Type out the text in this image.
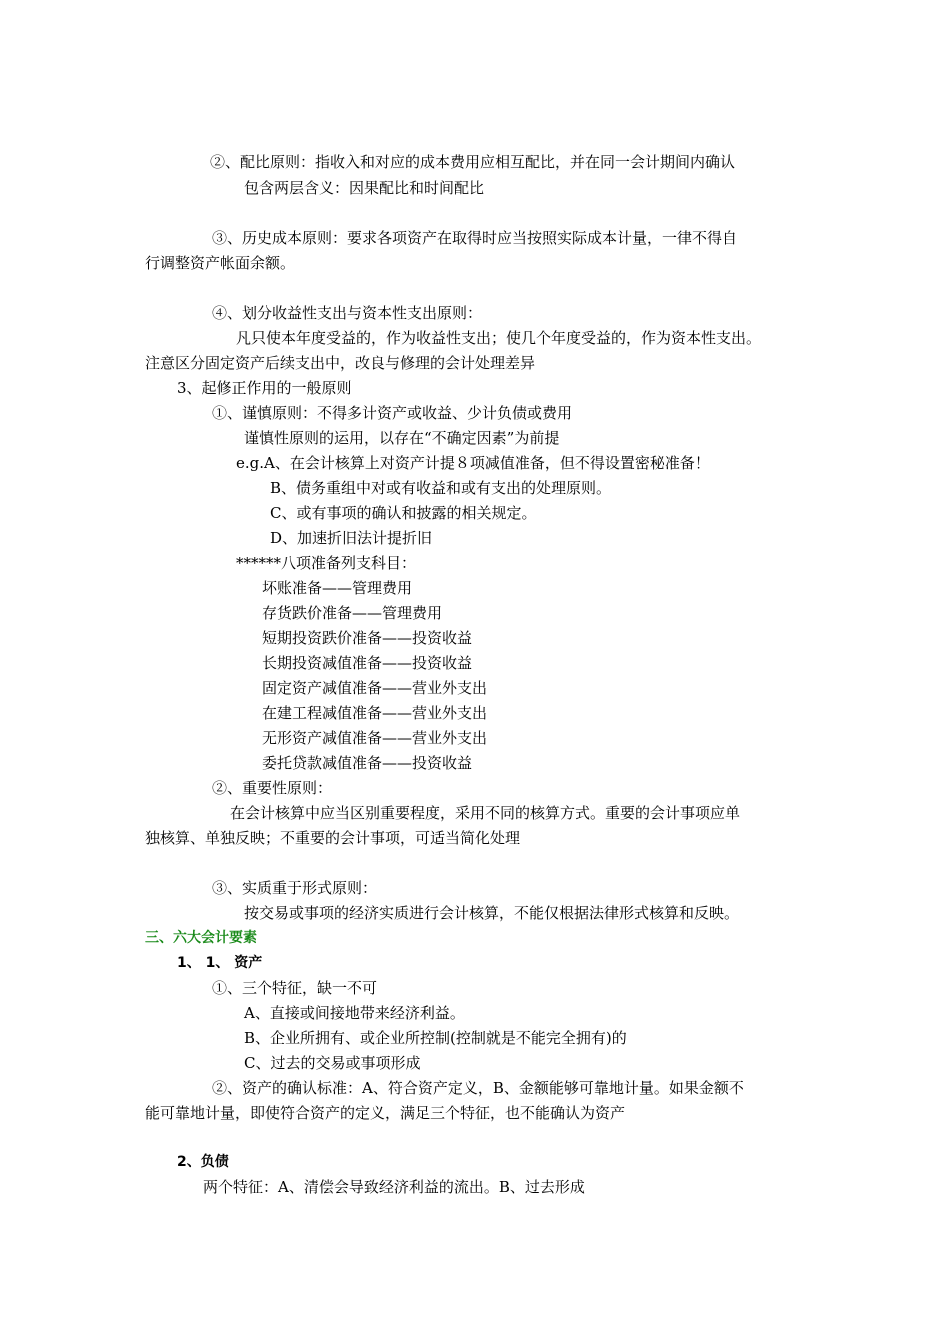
②、配比原则：指收入和对应的成本费用应相互配比，并在同一会计期间内确认
包含两层含义：因果配比和时间配比
③、历史成本原则：要求各项资产在取得时应当按照实际成本计量，一律不得自
行调整资产帐面余额。
④、划分收益性支出与资本性支出原则：
凡只使本年度受益的，作为收益性支出；使几个年度受益的，作为资本性支出。
注意区分固定资产后续支出中，改良与修理的会计处理差异
3、起修正作用的一般原则
①、谨慎原则：不得多计资产或收益、少计负债或费用
谨慎性原则的运用，以存在“不确定因素”为前提
e.g.A、在会计核算上对资产计提８项减值准备，但不得设置密秘准备！
B、债务重组中对或有收益和或有支出的处理原则。
C、或有事项的确认和披露的相关规定。
D、加速折旧法计提折旧
******八项准备列支科目：
坏账准备——管理费用
存货跌价准备——管理费用
短期投资跌价准备——投资收益
长期投资减值准备——投资收益
固定资产减值准备——营业外支出
在建工程减值准备——营业外支出
无形资产减值准备——营业外支出
委托贷款减值准备——投资收益
②、重要性原则：
在会计核算中应当区别重要程度，采用不同的核算方式。重要的会计事项应单
独核算、单独反映；不重要的会计事项，可适当简化处理
③、实质重于形式原则：
按交易或事项的经济实质进行会计核算，不能仅根据法律形式核算和反映。
三、六大会计要素
1、 1、 资产
①、三个特征，缺一不可
A、直接或间接地带来经济利益。
B、企业所拥有、或企业所控制(控制就是不能完全拥有)的
C、过去的交易或事项形成
②、资产的确认标准：A、符合资产定义，B、金额能够可靠地计量。如果金额不
能可靠地计量，即使符合资产的定义，满足三个特征，也不能确认为资产
2、负债
两个特征：A、清偿会导致经济利益的流出。B、过去形成
